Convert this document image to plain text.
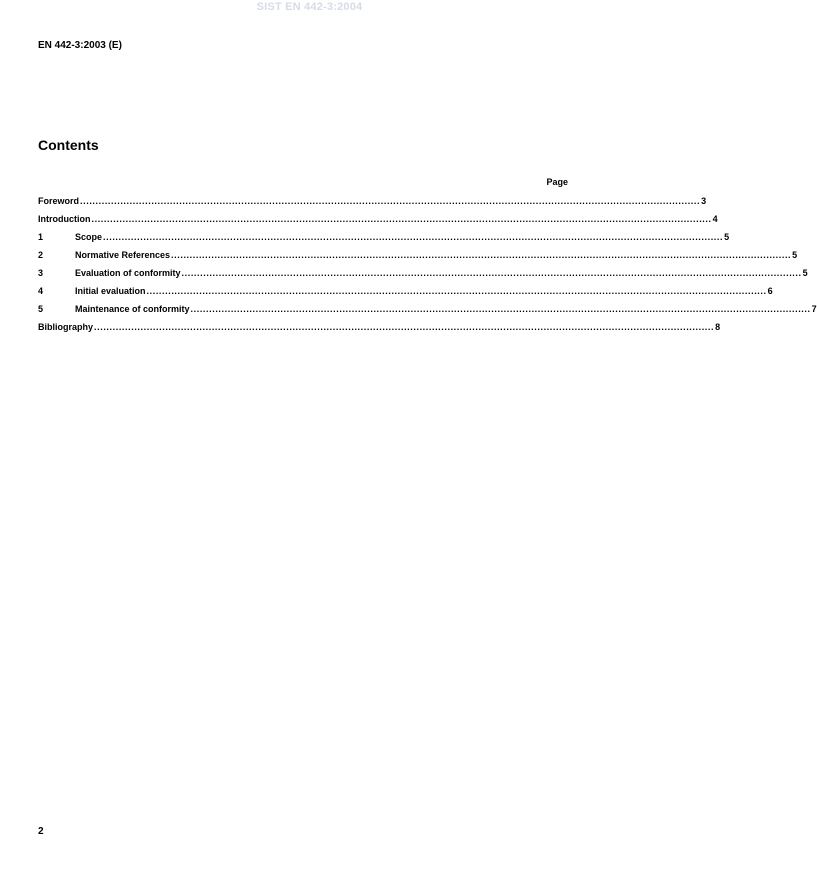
SIST EN 442-3:2004
EN 442-3:2003 (E)
Contents
Page
Foreword ........................................................................................................................................................................................................ 3
Introduction ........................................................................................................................................................................................................ 4
1	Scope ........................................................................................................................................................................................................ 5
2	Normative References ........................................................................................................................................................................................................ 5
3	Evaluation of conformity ........................................................................................................................................................................................................ 5
4	Initial evaluation ........................................................................................................................................................................................................ 6
5	Maintenance of conformity ........................................................................................................................................................................................................ 7
Bibliography ........................................................................................................................................................................................................ 8
2
